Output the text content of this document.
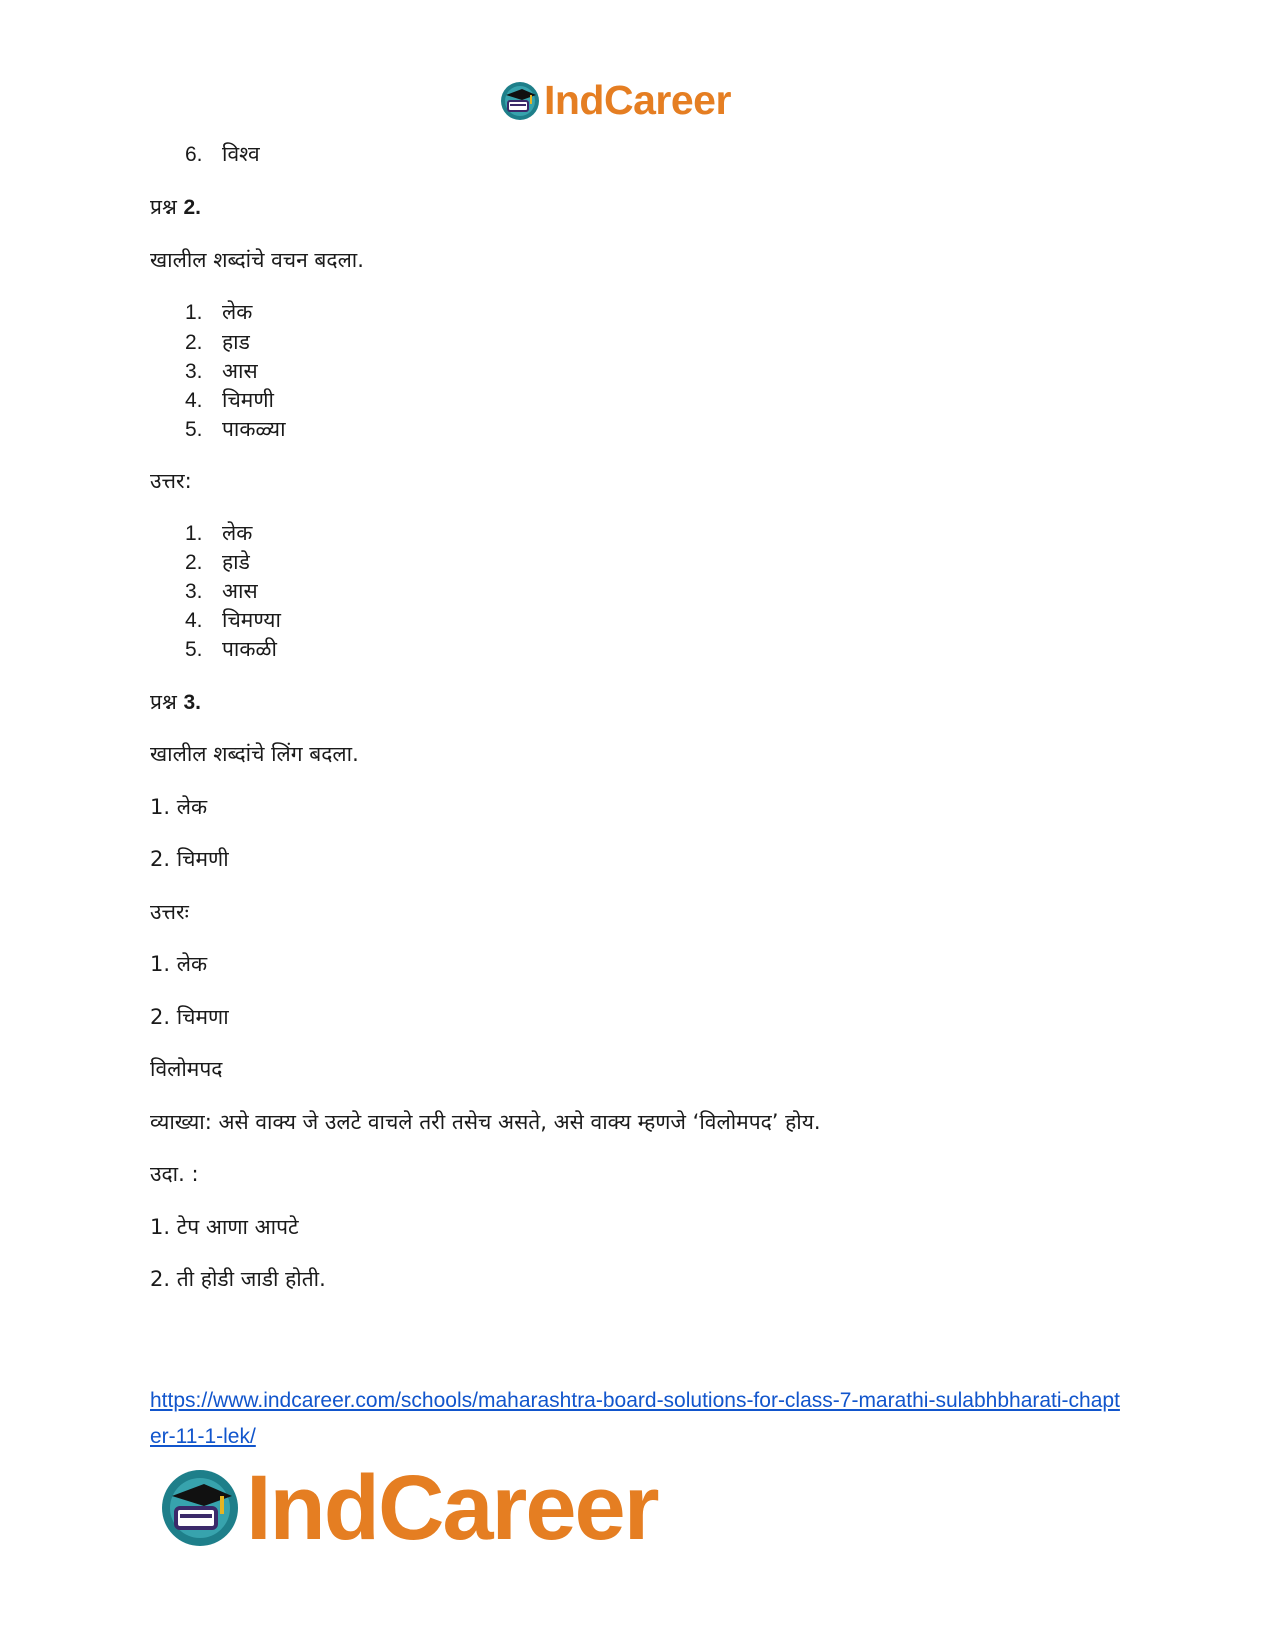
IndCareer
6. विश्व
प्रश्न 2.
खालील शब्दांचे वचन बदला.
1. लेक
2. हाड
3. आस
4. चिमणी
5. पाकळ्या
उत्तर:
1. लेक
2. हाडे
3. आस
4. चिमण्या
5. पाकळी
प्रश्न 3.
खालील शब्दांचे लिंग बदला.
1. लेक
2. चिमणी
उत्तरः
1. लेक
2. चिमणा
विलोमपद
व्याख्या: असे वाक्य जे उलटे वाचले तरी तसेच असते, असे वाक्य म्हणजे ‘विलोमपद’ होय.
उदा. :
1. टेप आणा आपटे
2. ती होडी जाडी होती.
https://www.indcareer.com/schools/maharashtra-board-solutions-for-class-7-marathi-sulabhbharati-chapter-11-1-lek/
IndCareer
